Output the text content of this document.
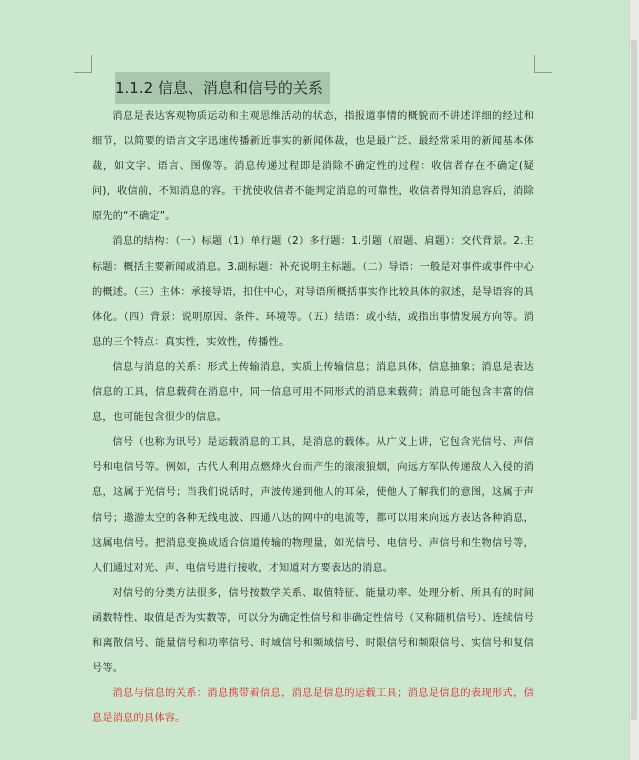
1.1.2 信息、消息和信号的关系

消息是表达客观物质运动和主观思维活动的状态，指报道事情的概貌而不讲述详细的经过和细节，以简要的语言文字迅速传播新近事实的新闻体裁，也是最广泛、最经常采用的新闻基本体裁，如文字、语言、图像等。消息传递过程即是消除不确定性的过程：收信者存在不确定(疑问)，收信前，不知消息的容。干扰使收信者不能判定消息的可靠性，收信者得知消息容后，消除原先的“不确定”。

消息的结构：（一）标题（1）单行题（2）多行题：1.引题（眉题、肩题）：交代背景。2.主标题：概括主要新闻或消息。3.副标题：补充说明主标题。（二）导语：一般是对事件或事件中心的概述。（三）主体：承接导语，扣住中心，对导语所概括事实作比较具体的叙述，是导语容的具体化。（四）背景：说明原因、条件、环境等。（五）结语：或小结，或指出事情发展方向等。消息的三个特点：真实性，实效性，传播性。

信息与消息的关系：形式上传输消息，实质上传输信息；消息具体，信息抽象；消息是表达信息的工具，信息载荷在消息中，同一信息可用不同形式的消息来载荷；消息可能包含丰富的信息，也可能包含很少的信息。

信号（也称为讯号）是运载消息的工具，是消息的载体。从广义上讲，它包含光信号、声信号和电信号等。例如，古代人利用点燃烽火台而产生的滚滚狼烟，向远方军队传递敌人入侵的消息，这属于光信号；当我们说话时，声波传递到他人的耳朵，使他人了解我们的意图，这属于声信号；遨游太空的各种无线电波、四通八达的网中的电流等，都可以用来向远方表达各种消息，这属电信号。把消息变换成适合信道传输的物理量，如光信号、电信号、声信号和生物信号等，人们通过对光、声、电信号进行接收，才知道对方要表达的消息。

对信号的分类方法很多，信号按数学关系、取值特征、能量功率、处理分析、所具有的时间函数特性、取值是否为实数等，可以分为确定性信号和非确定性信号（又称随机信号）、连续信号和离散信号、能量信号和功率信号、时域信号和频域信号、时限信号和频限信号、实信号和复信号等。

消息与信息的关系：消息携带着信息，消息是信息的运载工具；消息是信息的表现形式，信息是消息的具体容。
